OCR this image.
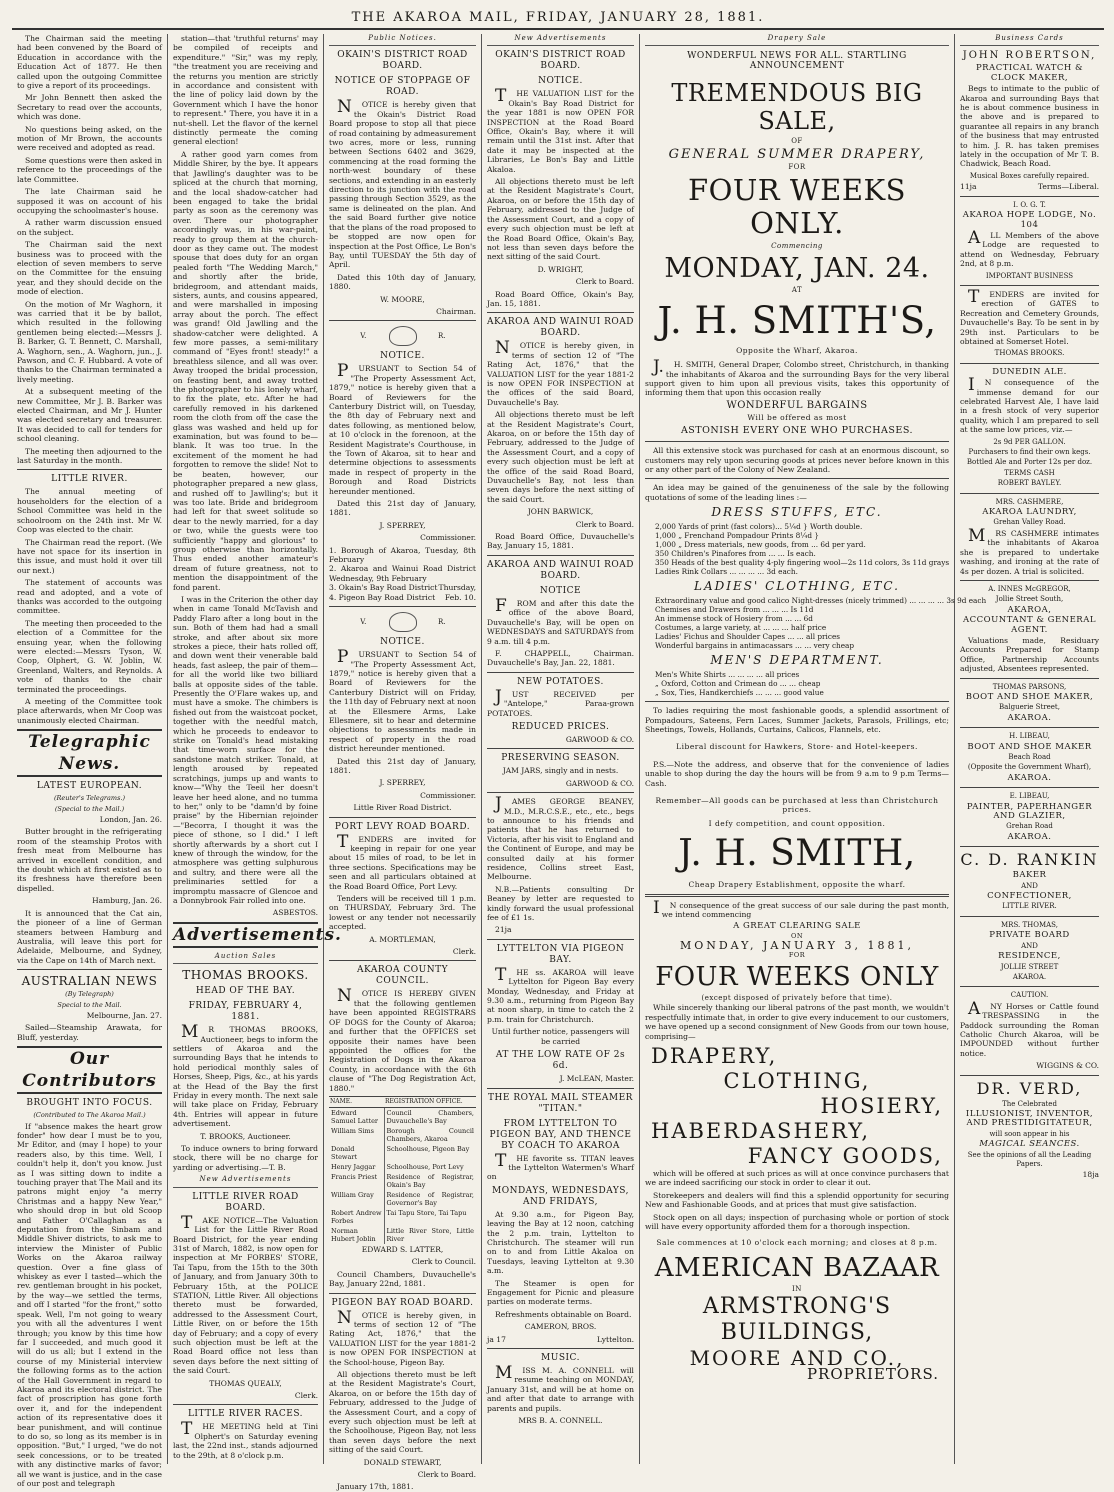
THE AKAROA MAIL, FRIDAY, JANUARY 28, 1881.

The Chairman said the meeting had been convened by the Board of Education in accordance with the Education Act of 1877. He then called upon the outgoing Committee to give a report of its proceedings.

Mr John Bennett then asked the Secretary to read over the accounts, which was done.

No questions being asked, on the motion of Mr Brown, the accounts were received and adopted as read.

Some questions were then asked in reference to the proceedings of the late Committee.

The late Chairman said he supposed it was on account of his occupying the schoolmaster's house.

A rather warm discussion ensued on the subject.

The Chairman said the next business was to proceed with the election of seven members to serve on the Committee for the ensuing year, and they should decide on the mode of election.

On the motion of Mr Waghorn, it was carried that it be by ballot, which resulted in the following gentlemen being elected:—Messrs J. B. Barker, G. T. Bennett, C. Marshall, A. Waghorn, sen., A. Waghorn, jun., J. Pawson, and C. F. Hubbard. A vote of thanks to the Chairman terminated a lively meeting.

At a subsequent meeting of the new Committee, Mr J. B. Barker was elected Chairman, and Mr J. Hunter was elected secretary and treasurer. It was decided to call for tenders for school cleaning.

The meeting then adjourned to the last Saturday in the month.

LITTLE RIVER.

The annual meeting of householders for the election of a School Committee was held in the schoolroom on the 24th inst. Mr W. Coop was elected to the chair.

The Chairman read the report. (We have not space for its insertion in this issue, and must hold it over till our next.)

The statement of accounts was read and adopted, and a vote of thanks was accorded to the outgoing committee.

The meeting then proceeded to the election of a Committee for the ensuing year, when the following were elected:—Messrs Tyson, W. Coop, Olphert, G. W. Joblin, W. Greenland, Walters, and Reynolds. A vote of thanks to the chair terminated the proceedings.

A meeting of the Committee took place afterwards, when Mr Coop was unanimously elected Chairman.

Telegraphic News.
LATEST EUROPEAN.
(Reuter's Telegrams.)
(Special to the Mail.)
London, Jan. 26.

Butter brought in the refrigerating room of the steamship Protos with fresh meat from Melbourne has arrived in excellent condition, and the doubt which at first existed as to its freshness have therefore been dispelled.

Hamburg, Jan. 26.

It is announced that the Cat ain, the pioneer of a line of German steamers between Hamburg and Australia, will leave this port for Adelaide, Melbourne, and Sydney, via the Cape on 14th of March next.

AUSTRALIAN NEWS
(By Telegraph)
Special to the Mail.
Melbourne, Jan. 27.

Sailed—Steamship Arawata, for Bluff, yesterday.

Our Contributors
BROUGHT INTO FOCUS.
(Contributed to The Akaroa Mail.)

If "absence makes the heart grow fonder" how dear I must be to you, Mr Editor, and (may I hope) to your readers also, by this time. Well, I couldn't help it, don't you know. Just as I was sitting down to indite a touching prayer that The Mail and its patrons might enjoy "a merry Christmas and a happy New Year," who should drop in but old Scoop and Father O'Callaghan as a deputation from the Sinbam and Middle Shiver districts, to ask me to interview the Minister of Public Works on the Akaroa railway question. Over a fine glass of whiskey as ever I tasted—which the rev. gentleman brought in his pocket, by the way—we settled the terms, and off I started "for the front," sotto speak. Well, I'm not going to weary you with all the adventures I went through; you know by this time how far I succeeded, and much good it will do us all; but I extend in the course of my Ministerial interview the following forms as to the action of the Hall Government in regard to Akaroa and its electoral district. The fact of proscription has gone forth over it, and for the independent action of its representative does it bear punishment, and will continue to do so, so long as its member is in opposition. "But," I urged, "we do not seek concessions, or to be treated with any distinctive marks of favor; all we want is justice, and in the case of our post and telegraph

station—that 'truthful returns' may be compiled of receipts and expenditure." "Sir," was my reply, "the treatment you are receiving and the returns you mention are strictly in accordance and consistent with the line of policy laid down by the Government which I have the honor to represent." There, you have it in a nut-shell. Let the flavor of the kernel distinctly permeate the coming general election!

A rather good yarn comes from Middle Shirer, by the bye. It appears that Jawlling's daughter was to be spliced at the church that morning, and the local shadow-catcher had been engaged to take the bridal party as soon as the ceremony was over. There our photographer accordingly was, in his war-paint, ready to group them at the church-door as they came out. The modest spouse that does duty for an organ pealed forth "The Wedding March," and shortly after the bride, bridegroom, and attendant maids, sisters, aunts, and cousins appeared, and were marshalled in imposing array about the porch. The effect was grand! Old Jawlling and the shadow-catcher were delighted. A few more passes, a semi-military command of "Eyes front! steady!" a breathless silence, and all was over. Away trooped the bridal procession, on feasting bent, and away trotted the photographer to his lonely wharf, to fix the plate, etc. After he had carefully removed in his darkened room the cloth from off the case the glass was washed and held up for examination, but was found to be—blank. It was too true. In the excitement of the moment he had forgotten to remove the slide! Not to be beaten, however, our photographer prepared a new glass, and rushed off to Jawlling's; but it was too late. Bride and bridegroom had left for that sweet solitude so dear to the newly married, for a day or two, while the guests were too sufficiently "happy and glorious" to group otherwise than horizontally. Thus ended another amateur's dream of future greatness, not to mention the disappointment of the fond parent.

I was in the Criterion the other day when in came Tonald McTavish and Paddy Flaro after a long bout in the sun. Both of them had had a small stroke, and after about six more strokes a piece, their hats rolled off, and down went their venerable bald heads, fast asleep, the pair of them—for all the world like two billiard balls at opposite sides of the table. Presently the O'Flare wakes up, and must have a smoke. The chimbers is fished out from the waistcoat pocket, together with the needful match, which he proceeds to endeavor to strike on Tonald's head mistaking that time-worn surface for the sandstone match striker. Tonald, at length aroused by repeated scratchings, jumps up and wants to know—"Why the Teeil her doesn't leave her heed alone, and no tumma to her," only to be "damn'd by foine praise" by the Hibernian rejoinder—"Becorra, I thought it was the piece of sthone, so I did." I left shortly afterwards by a short cut I knew of through the window, for the atmosphere was getting sulphurous and sultry, and there were all the preliminaries settled for a impromptu massacre of Glencoe and a Donnybrook Fair rolled into one.

ASBESTOS.
Advertisements.
Auction Sales
THOMAS BROOKS.
HEAD OF THE BAY.
FRIDAY, FEBRUARY 4, 1881.

MR THOMAS BROOKS, Auctioneer, begs to inform the settlers of Akaroa and the surrounding Bays that he intends to hold periodical monthly sales of Horses, Sheep, Pigs, &c., at his yards at the Head of the Bay the first Friday in every month. The next sale will take place on Friday, February 4th. Entries will appear in future advertisement.

T. BROOKS, Auctioneer.

To induce owners to bring forward stock, there will be no charge for yarding or advertising.—T. B.

New Advertisements
LITTLE RIVER ROAD BOARD.

TAKE NOTICE—The Valuation List for the Little River Road Board District, for the year ending 31st of March, 1882, is now open for inspection at Mr FORBES' STORE, Tai Tapu, from the 15th to the 30th of January, and from January 30th to February 15th, at the POLICE STATION, Little River. All objections thereto must be forwarded, addressed to the Assessment Court, Little River, on or before the 15th day of February; and a copy of every such objection must be left at the Road Board office not less than seven days before the next sitting of the said Court.

THOMAS QUEALY,
Clerk.
LITTLE RIVER RACES.

THE MEETING held at Tini Olphert's on Saturday evening last, the 22nd inst., stands adjourned to the 29th, at 8 o'clock p.m.

Public Notices.
OKAIN'S DISTRICT ROAD BOARD.
NOTICE OF STOPPAGE OF ROAD.

NOTICE is hereby given that the Okain's District Road Board propose to stop all that piece of road containing by admeasurement two acres, more or less, running between Sections 6402 and 3629, commencing at the road forming the north-west boundary of these sections, and extending in an easterly direction to its junction with the road passing through Section 3529, as the same is delineated on the plan. And the said Board further give notice that the plans of the road proposed to be stopped are now open for inspection at the Post Office, Le Bon's Bay, until TUESDAY the 5th day of April.

Dated this 10th day of January, 1880.

W. MOORE,
Chairman.
V.	R.
NOTICE.

PURSUANT to Section 54 of "The Property Assessment Act, 1879," notice is hereby given that a Board of Reviewers for the Canterbury District will, on Tuesday, the 8th day of February next and dates following, as mentioned below, at 10 o'clock in the forenoon, at the Resident Magistrate's Courthouse, in the Town of Akaroa, sit to hear and determine objections to assessments made in respect of property in the Borough and Road Districts hereunder mentioned.

Dated this 21st day of January, 1881.

J. SPERREY,
Commissioner.
1. Borough of Akaroa, Tuesday, 8th February
2. Akaroa and Wainui Road District Wednesday, 9th February
3. Okain's Bay Road District Thursday,
4. Pigeon Bay Road District Feb. 10.
V.	R.
NOTICE.

PURSUANT to Section 54 of "The Property Assessment Act, 1879," notice is hereby given that a Board of Reviewers for the Canterbury District will on Friday, the 11th day of February next at noon at the Ellesmere Arms, Lake Ellesmere, sit to hear and determine objections to assessments made in respect of property in the road district hereunder mentioned.

Dated this 21st day of January, 1881.

J. SPERREY,
Commissioner.
Little River Road District.
PORT LEVY ROAD BOARD.

TENDERS are invited for keeping in repair for one year about 15 miles of road, to be let in three sections. Specifications may be seen and all particulars obtained at the Road Board Office, Port Levy.

Tenders will be received till 1 p.m. on THURSDAY, February 3rd. The lowest or any tender not necessarily accepted.

A. MORTLEMAN,
Clerk.
AKAROA COUNTY COUNCIL.

NOTICE IS HEREBY GIVEN that the following gentlemen have been appointed REGISTRARS OF DOGS for the County of Akaroa; and further that the OFFICES set opposite their names have been appointed the offices for the Registration of Dogs in the Akaroa County, in accordance with the 6th clause of "The Dog Registration Act, 1880."

NAME.	REGISTRATION OFFICE.
Edward Samuel Latter	Council Chambers, Duvauchelle's Bay
William Sims	Borough Council Chambers, Akaroa
Donald Stewart	Schoolhouse, Pigeon Bay
Henry Jaggar	Schoolhouse, Port Levy
Francis Priest	Residence of Registrar, Okain's Bay
William Gray	Residence of Registrar, Governor's Bay
Robert Andrew Forbes	Tai Tapu Store, Tai Tapu
Norman Hubert Joblin	Little River Store, Little River
EDWARD S. LATTER,
Clerk to Council.

Council Chambers, Duvauchelle's Bay, January 22nd, 1881.

PIGEON BAY ROAD BOARD.

NOTICE is hereby given, in terms of section 12 of "The Rating Act, 1876," that the VALUATION LIST for the year 1881-2 is now OPEN FOR INSPECTION at the School-house, Pigeon Bay.

All objections thereto must be left at the Resident Magistrate's Court, Akaroa, on or before the 15th day of February, addressed to the Judge of the Assessment Court, and a copy of every such objection must be left at the Schoolhouse, Pigeon Bay, not less than seven days before the next sitting of the said Court.

DONALD STEWART,
Clerk to Board.

January 17th, 1881.

New Advertisements
OKAIN'S DISTRICT ROAD BOARD.
NOTICE.

THE VALUATION LIST for the Okain's Bay Road District for the year 1881 is now OPEN FOR INSPECTION at the Road Board Office, Okain's Bay, where it will remain until the 31st inst. After that date it may be inspected at the Libraries, Le Bon's Bay and Little Akaloa.

All objections thereto must be left at the Resident Magistrate's Court, Akaroa, on or before the 15th day of February, addressed to the Judge of the Assessment Court, and a copy of every such objection must be left at the Road Board Office, Okain's Bay, not less than seven days before the next sitting of the said Court.

D. WRIGHT,
Clerk to Board.

Road Board Office, Okain's Bay, Jan. 15, 1881.

AKAROA AND WAINUI ROAD BOARD.

NOTICE is hereby given, in terms of section 12 of "The Rating Act, 1876," that the VALUATION LIST for the year 1881-2 is now OPEN FOR INSPECTION at the offices of the said Board, Duvauchelle's Bay.

All objections thereto must be left at the Resident Magistrate's Court, Akaroa, on or before the 15th day of February, addressed to the Judge of the Assessment Court, and a copy of every such objection must be left at the office of the said Road Board, Duvauchelle's Bay, not less than seven days before the next sitting of the said Court.

JOHN BARWICK,
Clerk to Board.

Road Board Office, Duvauchelle's Bay, January 15, 1881.

AKAROA AND WAINUI ROAD BOARD.
NOTICE

FROM and after this date the office of the above Board, Duvauchelle's Bay, will be open on WEDNESDAYS and SATURDAYS from 9 a.m. till 4 p.m.

F. CHAPPELL, Chairman. Duvauchelle's Bay, Jan. 22, 1881.

NEW POTATOES.

JUST RECEIVED per "Antelope," Paraa-grown POTATOES.

REDUCED PRICES.
GARWOOD & CO.
PRESERVING SEASON.
JAM JARS, singly and in nests.
GARWOOD & CO.

JAMES GEORGE BEANEY, M.D., M.R.C.S.E., etc., etc., begs to announce to his friends and patients that he has returned to Victoria, after his visit to England and the Continent of Europe, and may be consulted daily at his former residence, Collins street East, Melbourne.

N.B.—Patients consulting Dr Beaney by letter are requested to kindly forward the usual professional fee of £1 1s.

21ja

LYTTELTON VIA PIGEON BAY.

THE ss. AKAROA will leave Lyttelton for Pigeon Bay every Monday, Wednesday, and Friday at 9.30 a.m., returning from Pigeon Bay at noon sharp, in time to catch the 2 p.m. train for Christchurch.

Until further notice, passengers will be carried
AT THE LOW RATE OF 2s 6d.
J. McLEAN, Master.
THE ROYAL MAIL STEAMER "TITAN."
FROM LYTTELTON TO PIGEON BAY, AND THENCE BY COACH TO AKAROA

THE favorite ss. TITAN leaves the Lyttelton Watermen's Wharf on

MONDAYS, WEDNESDAYS, AND FRIDAYS,

At 9.30 a.m., for Pigeon Bay, leaving the Bay at 12 noon, catching the 2 p.m. train, Lyttelton to Christchurch. The steamer will run on to and from Little Akaloa on Tuesdays, leaving Lyttelton at 9.30 a.m.

The Steamer is open for Engagement for Picnic and pleasure parties on moderate terms.

Refreshments obtainable on Board.

CAMERON, BROS.
ja 17	Lyttelton.
MUSIC.

MISS M. A. CONNELL will resume teaching on MONDAY, January 31st, and will be at home on and after that date to arrange with parents and pupils.

MRS B. A. CONNELL.
Drapery Sale
WONDERFUL NEWS FOR ALL. STARTLING ANNOUNCEMENT
TREMENDOUS BIG SALE,
OF
GENERAL SUMMER DRAPERY,
FOR
FOUR WEEKS ONLY.
Commencing
MONDAY, JAN. 24.
AT
J. H. SMITH'S,
Opposite the Wharf, Akaroa.

J.H. SMITH, General Draper, Colombo street, Christchurch, in thanking the inhabitants of Akaroa and the surrounding Bays for the very liberal support given to him upon all previous visits, takes this opportunity of informing them that upon this occasion really

WONDERFUL BARGAINS
Will be offered as most
ASTONISH EVERY ONE WHO PURCHASES.

All this extensive stock was purchased for cash at an enormous discount, so customers may rely upon securing goods at prices never before known in this or any other part of the Colony of New Zealand.

An idea may be gained of the genuineness of the sale by the following quotations of some of the leading lines :—

DRESS STUFFS, ETC.
2,000 Yards of print (fast colors)... 5¼d } Worth double.
1,000 „ Frenchand Pompadour Prints 8¼d }
1,000 „ Dress materials, new goods, from ... 6d per yard.
350 Children's Pinafores from ... ... Is each.
350 Heads of the best quality 4-ply fingering wool—2s 11d colors, 3s 11d grays
Ladies Rink Collars ... ... ... ... 3d each.
LADIES' CLOTHING, ETC.
Extraordinary value and good calico Night-dresses (nicely trimmed) ... ... ... ... 3s 9d each
Chemises and Drawers from ... ... ... Is 11d
An immense stock of Hosiery from ... ... 6d
Costumes, a large variety, at ... ... ... half price
Ladies' Fichus and Shoulder Capes ... ... all prices
Wonderful bargains in antimacassars ... ... very cheap
MEN'S DEPARTMENT.
Men's White Shirts ... ... ... ... all prices
„ Oxford, Cotton and Crimean do ... ... cheap
„ Sox, Ties, Handkerchiefs ... ... ... good value

To ladies requiring the most fashionable goods, a splendid assortment of Pompadours, Sateens, Fern Laces, Summer Jackets, Parasols, Frillings, etc; Sheetings, Towels, Hollands, Curtains, Calicos, Flannels, etc.

Liberal discount for Hawkers, Store- and Hotel-keepers.

P.S.—Note the address, and observe that for the convenience of ladies unable to shop during the day the hours will be from 9 a.m to 9 p.m Terms—Cash.

Remember—All goods can be purchased at less than Christchurch prices.
I defy competition, and count opposition.
J. H. SMITH,
Cheap Drapery Establishment, opposite the wharf.

IN consequence of the great success of our sale during the past month, we intend commencing

A GREAT CLEARING SALE
ON
MONDAY, JANUARY 3, 1881,
FOR
FOUR WEEKS ONLY
(except disposed of privately before that time).

While sincerely thanking our liberal patrons of the past month, we wouldn't respectfully intimate that, in order to give every inducement to our customers, we have opened up a second consignment of New Goods from our town house, comprising—

DRAPERY,
CLOTHING,
HOSIERY,
HABERDASHERY,
FANCY GOODS,

which will be offered at such prices as will at once convince purchasers that we are indeed sacrificing our stock in order to clear it out.

Storekeepers and dealers will find this a splendid opportunity for securing New and Fashionable Goods, and at prices that must give satisfaction.

Stock open on all days; inspection of purchasing whole or portion of stock will have every opportunity afforded them for a thorough inspection.

Sale commences at 10 o'clock each morning; and closes at 8 p.m.
AMERICAN BAZAAR
IN
ARMSTRONG'S BUILDINGS,
MOORE AND CO.,
PROPRIETORS.
Business Cards
JOHN ROBERTSON,
PRACTICAL WATCH & CLOCK MAKER,

Begs to intimate to the public of Akaroa and surrounding Bays that he is about commence business in the above and is prepared to guarantee all repairs in any branch of the business that may entrusted to him. J. R. has taken premises lately in the occupation of Mr T. B. Chadwick, Beach Road.

Musical Boxes carefully repaired.
11ja	Terms—Liberal.
I. O. G. T.
AKAROA HOPE LODGE, No. 104

ALL Members of the above Lodge are requested to attend on Wednesday, February 2nd, at 8 p.m.

IMPORTANT BUSINESS

TENDERS are invited for erection of GATES to Recreation and Cemetery Grounds, Duvauchelle's Bay. To be sent in by 29th inst. Particulars to be obtained at Somerset Hotel.

THOMAS BROOKS.
DUNEDIN ALE.

IN consequence of the immense demand for our celebrated Harvest Ale, I have laid in a fresh stock of very superior quality, which I am prepared to sell at the same low prices, viz.—

2s 9d PER GALLON.
Purchasers to find their own kegs.
Bottled Ale and Porter 12s per doz.
TERMS CASH
ROBERT BAYLEY.
MRS. CASHMERE,
AKAROA LAUNDRY,
Grehan Valley Road.

MRS CASHMERE intimates the inhabitants of Akaroa she is prepared to undertake washing, and ironing at the rate of 4s per dozen. A trial is solicited.

A. INNES McGREGOR,
Jollie Street South,
AKAROA,
ACCOUNTANT & GENERAL AGENT.

Valuations made, Residuary Accounts Prepared for Stamp Office, Partnership Accounts adjusted, Absentees represented.

THOMAS PARSONS,
BOOT AND SHOE MAKER,
Balguerie Street,
AKAROA.
H. LIBEAU,
BOOT AND SHOE MAKER
Beach Road
(Opposite the Government Wharf),
AKAROA.
E. LIBEAU,
PAINTER, PAPERHANGER AND GLAZIER,
Grehan Road
AKAROA.
C. D. RANKIN
BAKER
AND
CONFECTIONER,
LITTLE RIVER.
MRS. THOMAS,
PRIVATE BOARD
AND
RESIDENCE,
JOLLIE STREET
AKAROA.
CAUTION.

ANY Horses or Cattle found TRESPASSING in the Paddock surrounding the Roman Catholic Church Akaroa, will be IMPOUNDED without further notice.

WIGGINS & CO.
DR. VERD,
The Celebrated
ILLUSIONIST, INVENTOR, AND PRESTIDIGITATEUR,
will soon appear in his
MAGICAL SEANCES.
See the opinions of all the Leading Papers.
18ja
